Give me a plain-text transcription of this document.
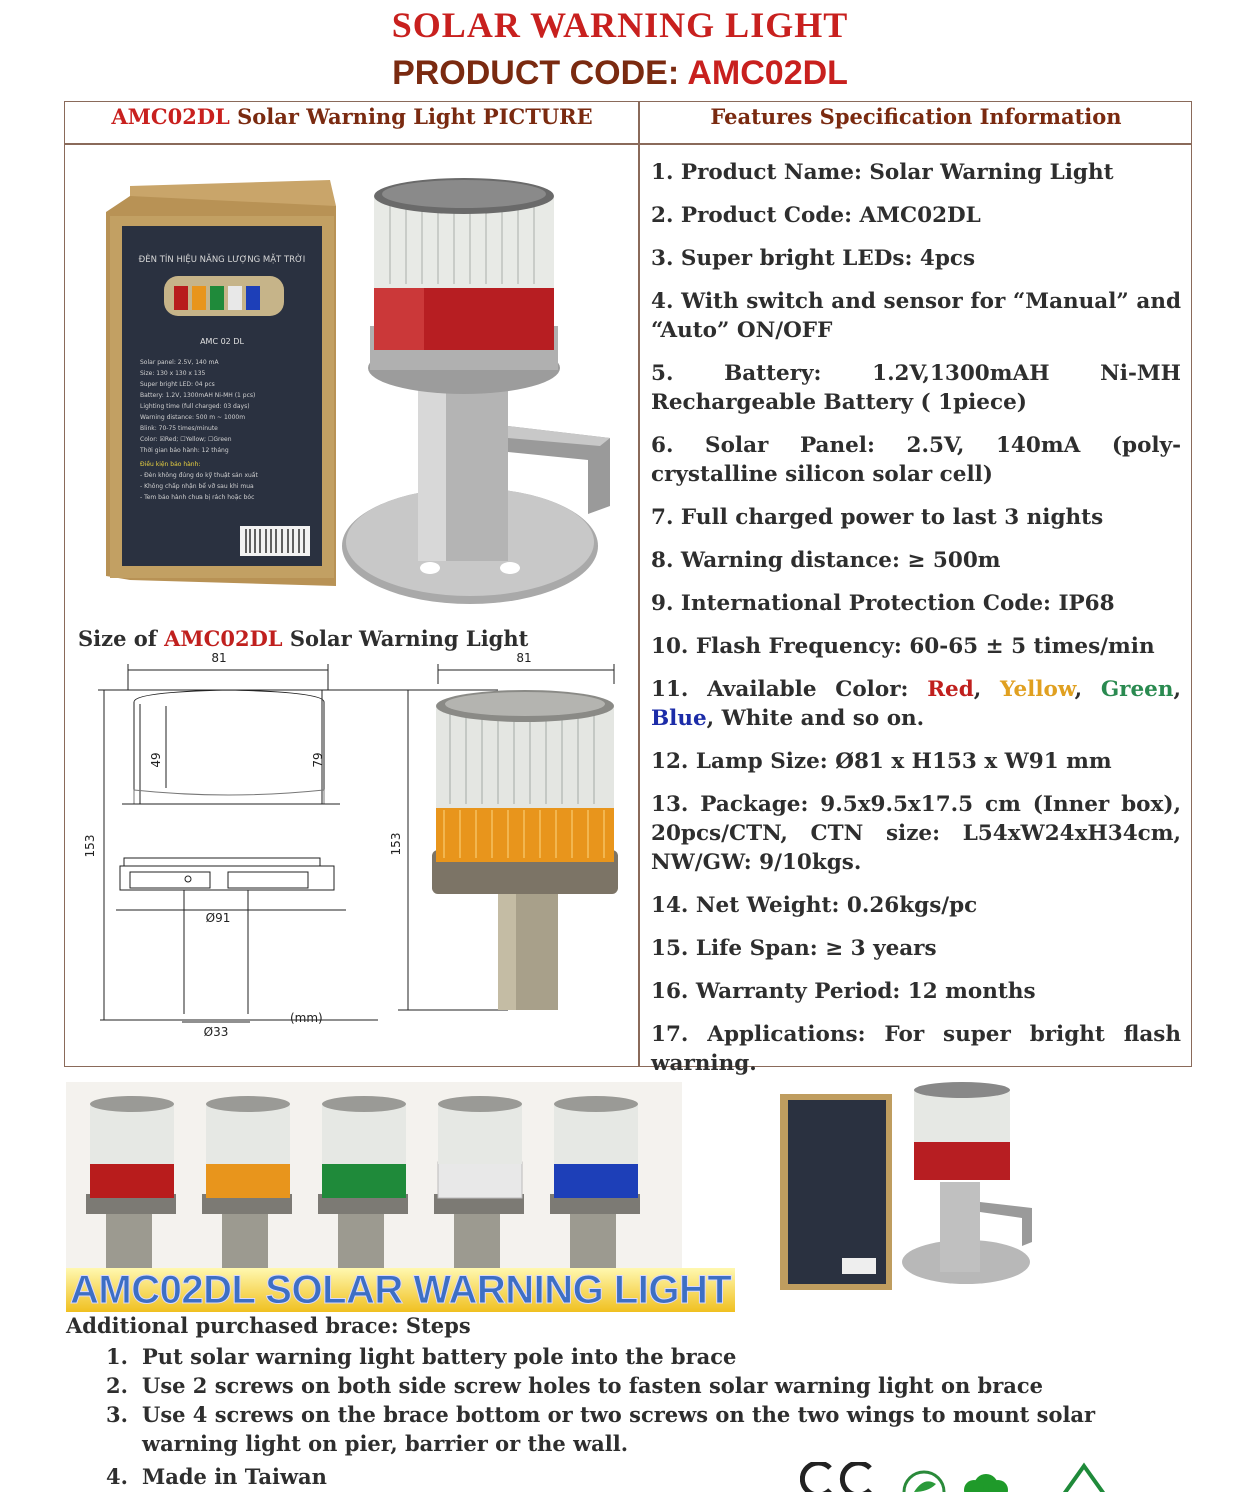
SOLAR WARNING LIGHT
PRODUCT CODE: AMC02DL
AMC02DL Solar Warning Light PICTURE	Features Specification Information
ĐÈN TÍN HIỆU NĂNG LƯỢNG MẶT TRỜI
AMC 02 DL
Solar panel: 2.5V, 140 mA
Size: 130 x 130 x 135
Super bright LED: 04 pcs
Battery: 1.2V, 1300mAH Ni-MH (1 pcs)
Lighting time (full charged: 03 days)
Warning distance: 500 m ~ 1000m
Blink: 70-75 times/minute
Color: ☒Red; ☐Yellow; ☐Green
Thời gian bảo hành: 12 tháng
Điều kiện bảo hành:
- Đèn không đúng do kỹ thuật sản xuất
- Không chấp nhận bể vỡ sau khi mua
- Tem bảo hành chưa bị rách hoặc bóc
Size of AMC02DL Solar Warning Light
81
49	79
153
Ø91
Ø33
(mm)
81
153

1. Product Name: Solar Warning Light

2. Product Code: AMC02DL

3. Super bright LEDs: 4pcs

4. With switch and sensor for “Manual” and “Auto” ON/OFF

5. Battery: 1.2V,1300mAH Ni-MH Rechargeable Battery ( 1piece)

6. Solar Panel: 2.5V, 140mA (poly-crystalline silicon solar cell)

7. Full charged power to last 3 nights

8. Warning distance: ≥ 500m

9. International Protection Code: IP68

10. Flash Frequency: 60-65 ± 5 times/min

11. Available Color: Red, Yellow, Green, Blue, White and so on.

12. Lamp Size: Ø81 x H153 x W91 mm

13. Package: 9.5x9.5x17.5 cm (Inner box), 20pcs/CTN, CTN size: L54xW24xH34cm, NW/GW: 9/10kgs.

14. Net Weight: 0.26kgs/pc

15. Life Span: ≥ 3 years

16. Warranty Period: 12 months

17. Applications: For super bright flash warning.

AMC02DL SOLAR WARNING LIGHT
Additional purchased brace: Steps
1. Put solar warning light battery pole into the brace
2. Use 2 screws on both side screw holes to fasten solar warning light on brace
3. Use 4 screws on the brace bottom or two screws on the two wings to mount solar warning light on pier, barrier or the wall.
4. Made in Taiwan
